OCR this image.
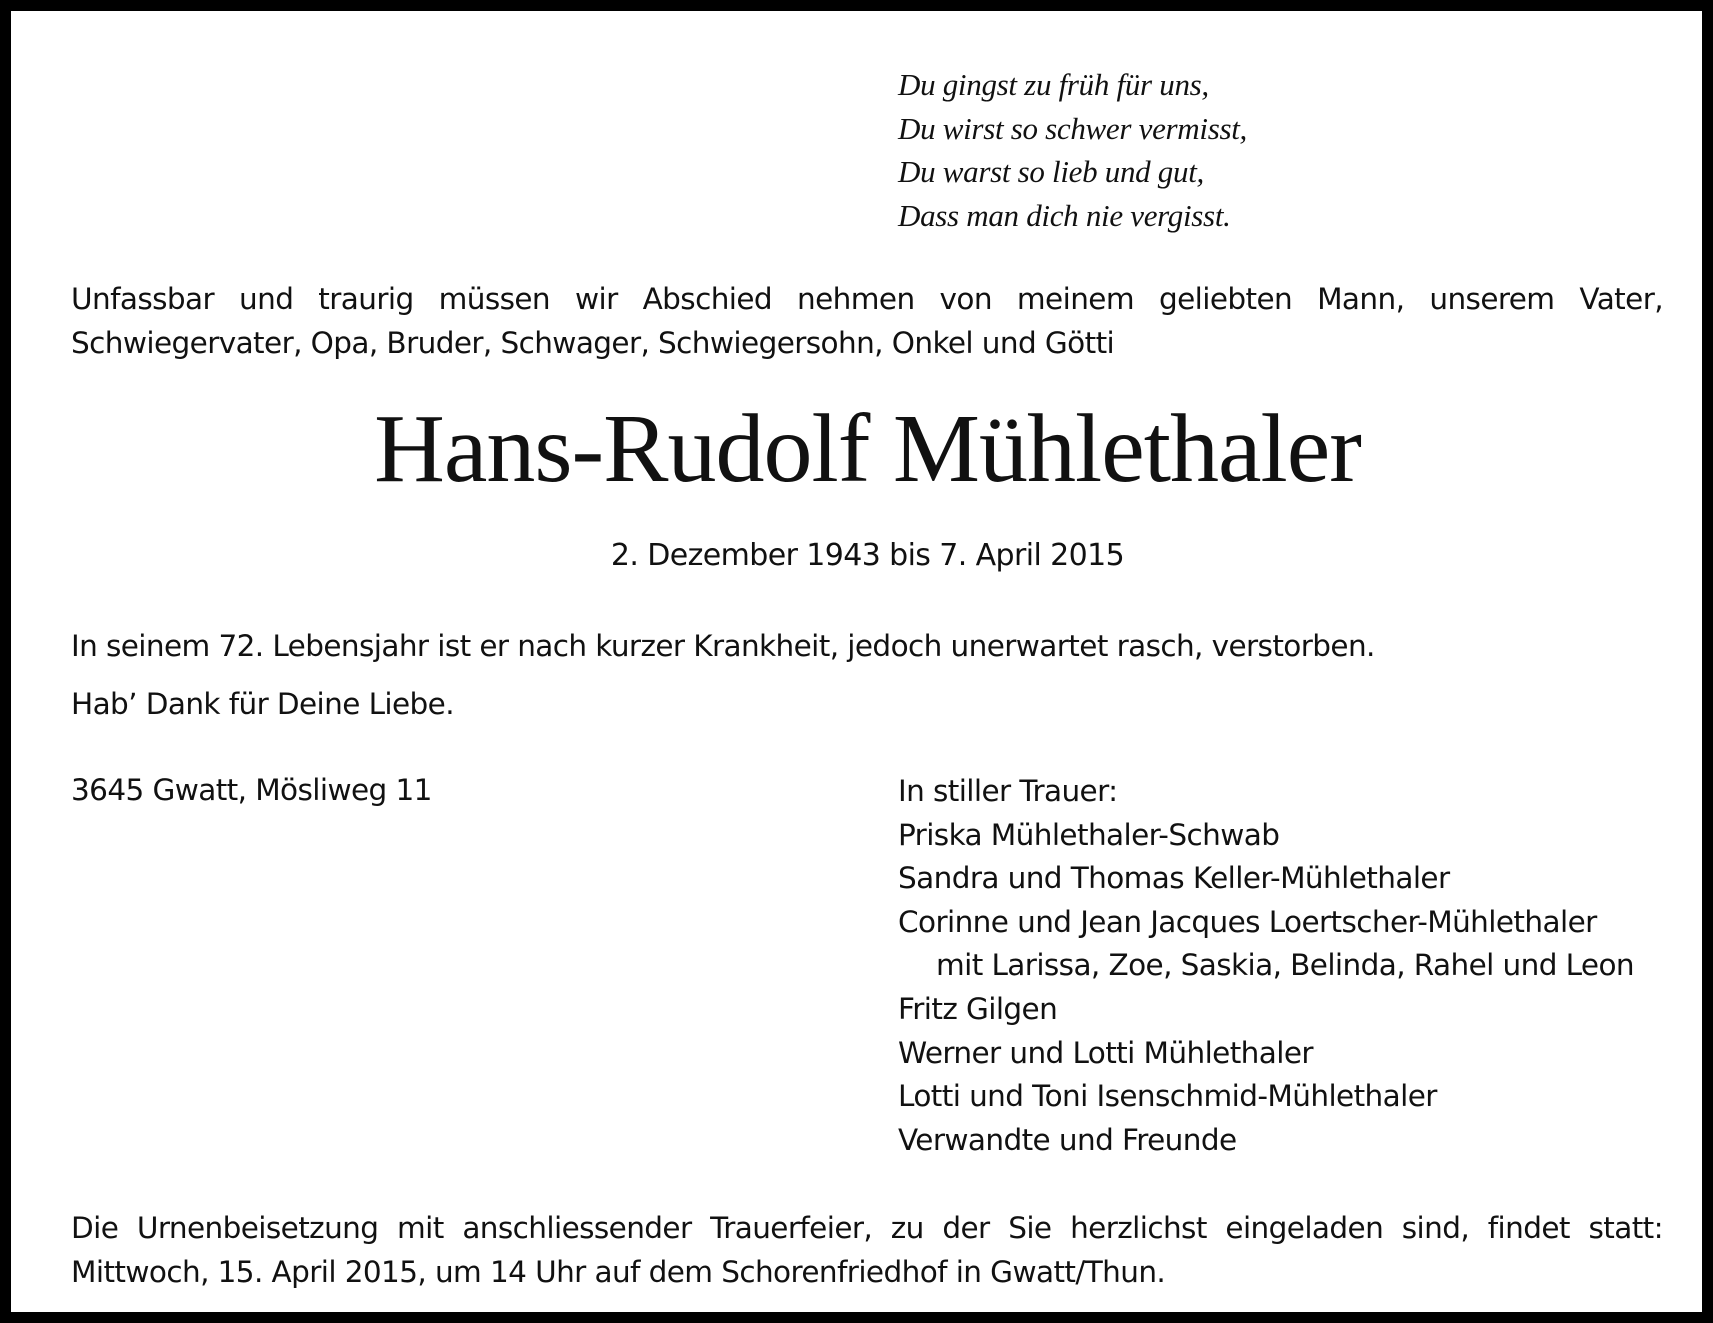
Du gingst zu früh für uns,
Du wirst so schwer vermisst,
Du warst so lieb und gut,
Dass man dich nie vergisst.
Unfassbar und traurig müssen wir Abschied nehmen von meinem geliebten Mann, unserem Vater, Schwiegervater, Opa, Bruder, Schwager, Schwiegersohn, Onkel und Götti
Hans-Rudolf Mühlethaler
2. Dezember 1943 bis 7. April 2015
In seinem 72. Lebensjahr ist er nach kurzer Krankheit, jedoch unerwartet rasch, verstorben.
Hab’ Dank für Deine Liebe.
3645 Gwatt, Mösliweg 11	In stiller Trauer:
Priska Mühlethaler-Schwab
Sandra und Thomas Keller-Mühlethaler
Corinne und Jean Jacques Loertscher-Mühlethaler
mit Larissa, Zoe, Saskia, Belinda, Rahel und Leon
Fritz Gilgen
Werner und Lotti Mühlethaler
Lotti und Toni Isenschmid-Mühlethaler
Verwandte und Freunde
Die Urnenbeisetzung mit anschliessender Trauerfeier, zu der Sie herzlichst eingeladen sind, findet statt: Mittwoch, 15. April 2015, um 14 Uhr auf dem Schorenfriedhof in Gwatt/Thun.
